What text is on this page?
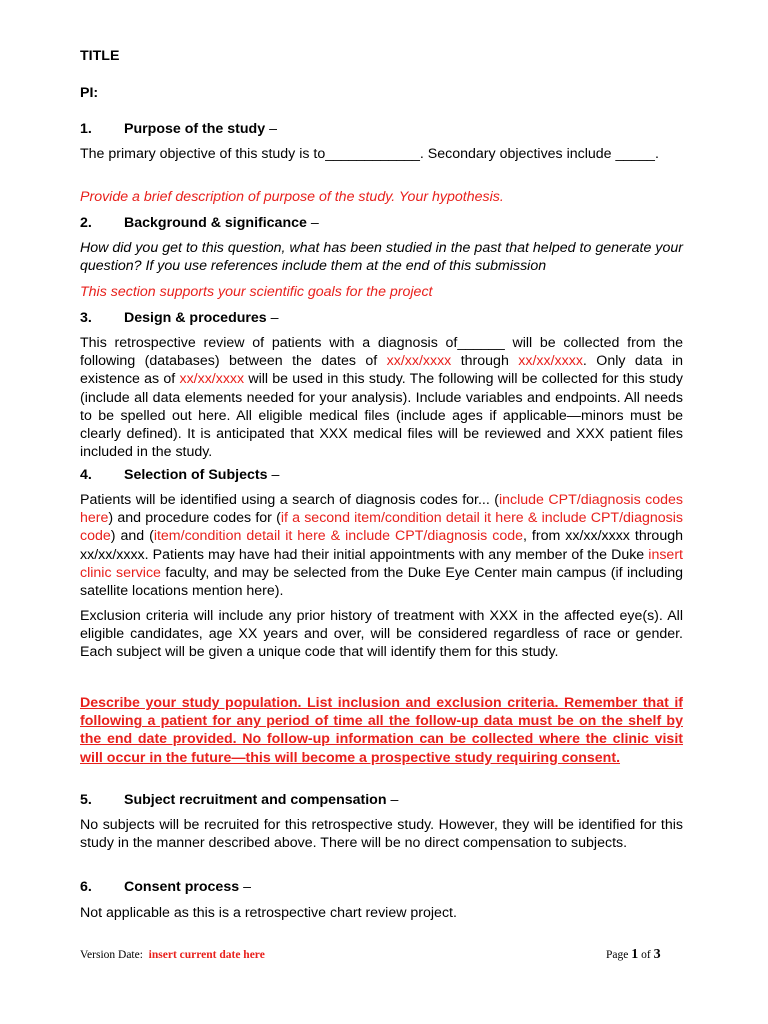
TITLE
PI:
1. Purpose of the study –

The primary objective of this study is to____________. Secondary objectives include _____.

Provide a brief description of purpose of the study. Your hypothesis.

2. Background & significance –

How did you get to this question, what has been studied in the past that helped to generate your question? If you use references include them at the end of this submission

This section supports your scientific goals for the project

3. Design & procedures –

This retrospective review of patients with a diagnosis of______ will be collected from the following (databases) between the dates of xx/xx/xxxx through xx/xx/xxxx. Only data in existence as of xx/xx/xxxx will be used in this study. The following will be collected for this study (include all data elements needed for your analysis). Include variables and endpoints. All needs to be spelled out here. All eligible medical files (include ages if applicable—minors must be clearly defined). It is anticipated that XXX medical files will be reviewed and XXX patient files included in the study.

4. Selection of Subjects –

Patients will be identified using a search of diagnosis codes for... (include CPT/diagnosis codes here) and procedure codes for (if a second item/condition detail it here & include CPT/diagnosis code) and (item/condition detail it here & include CPT/diagnosis code, from xx/xx/xxxx through xx/xx/xxxx. Patients may have had their initial appointments with any member of the Duke insert clinic service faculty, and may be selected from the Duke Eye Center main campus (if including satellite locations mention here).

Exclusion criteria will include any prior history of treatment with XXX in the affected eye(s). All eligible candidates, age XX years and over, will be considered regardless of race or gender. Each subject will be given a unique code that will identify them for this study.

Describe your study population. List inclusion and exclusion criteria. Remember that if following a patient for any period of time all the follow-up data must be on the shelf by the end date provided. No follow-up information can be collected where the clinic visit will occur in the future—this will become a prospective study requiring consent.

5. Subject recruitment and compensation –

No subjects will be recruited for this retrospective study. However, they will be identified for this study in the manner described above. There will be no direct compensation to subjects.

6. Consent process –

Not applicable as this is a retrospective chart review project.

Version Date: insert current date here	Page 1 of 3
